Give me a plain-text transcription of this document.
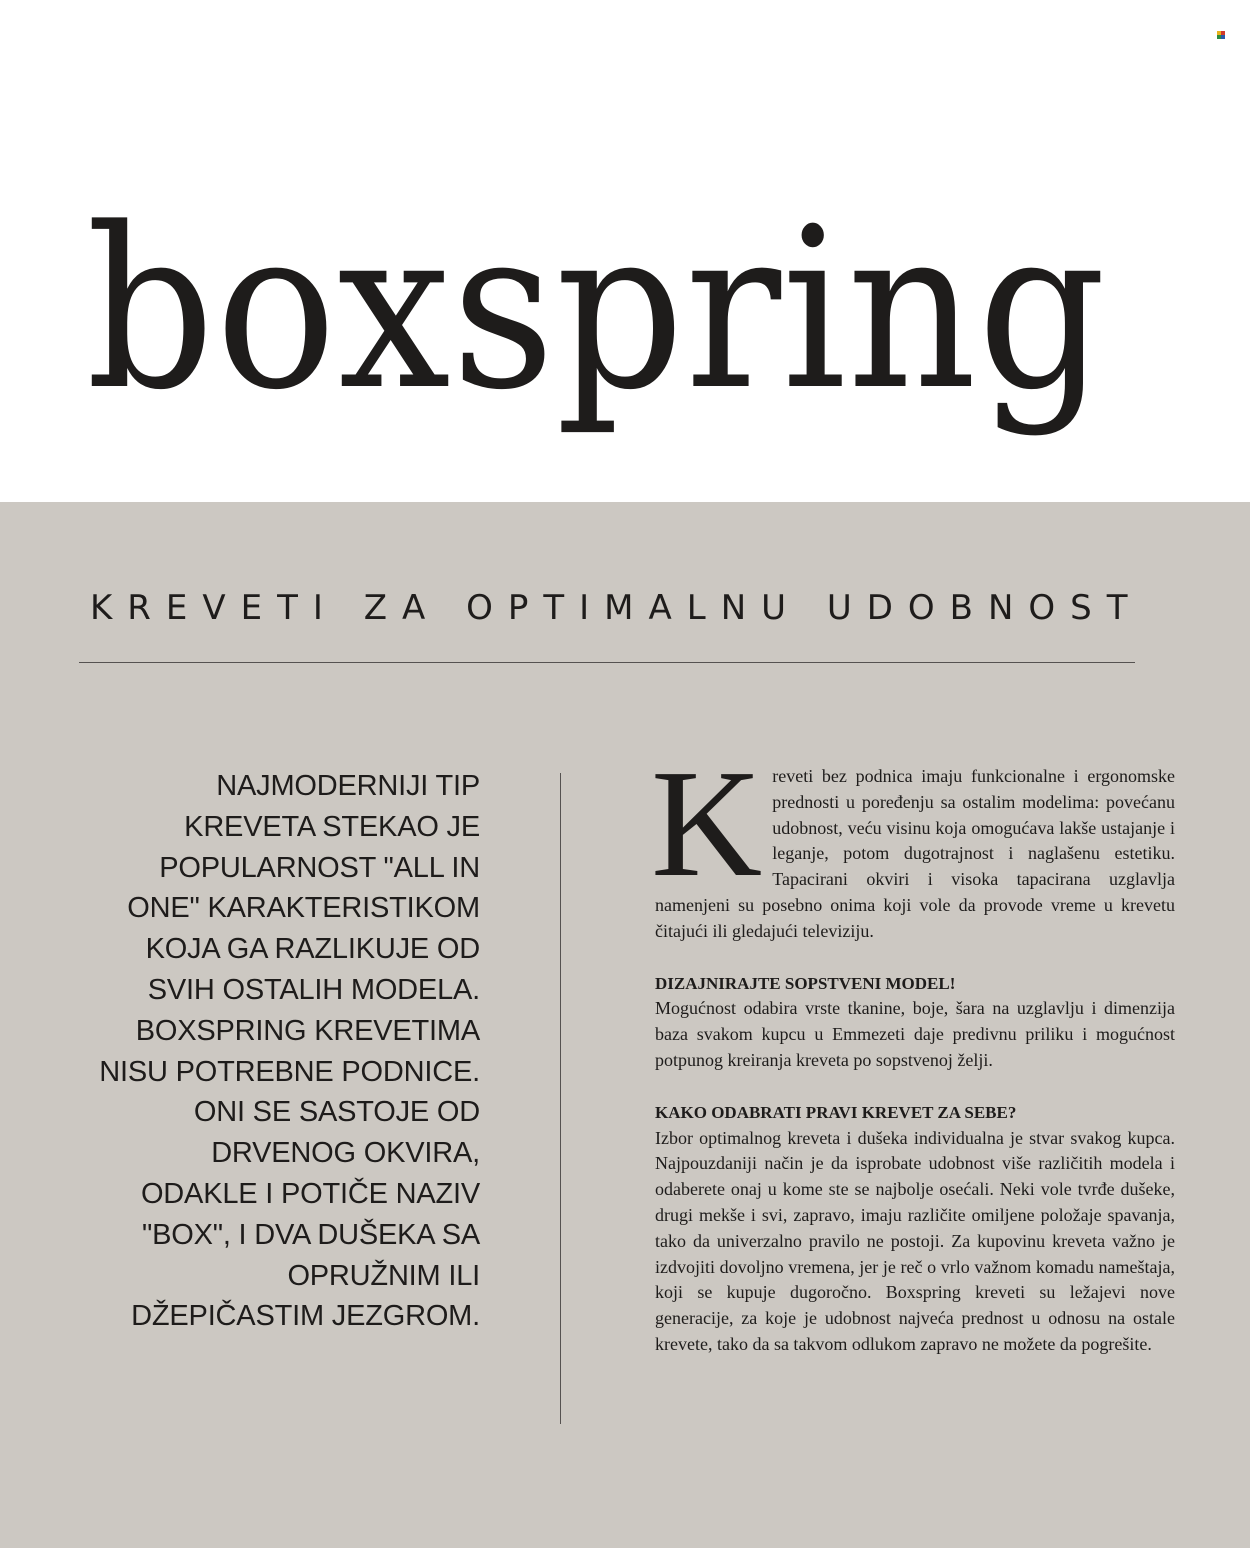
boxspring
KREVETI ZA OPTIMALNU UDOBNOST

NAJMODERNIJI TIP KREVETA STEKAO JE POPULARNOST "ALL IN ONE" KARAKTERISTIKOM KOJA GA RAZLIKUJE OD SVIH OSTALIH MODELA. BOXSPRING KREVETIMA NISU POTREBNE PODNICE. ONI SE SASTOJE OD DRVENOG OKVIRA, ODAKLE I POTIČE NAZIV "BOX", I DVA DUŠEKA SA OPRUŽNIM ILI DŽEPIČASTIM JEZGROM.

Kreveti bez podnica imaju funkcionalne i ergonomske prednosti u poređenju sa ostalim modelima: povećanu udobnost, veću visinu koja omogućava lakše ustajanje i leganje, potom dugotrajnost i naglašenu estetiku. Tapacirani okviri i visoka tapacirana uzglavlja namenjeni su posebno onima koji vole da provode vreme u krevetu čitajući ili gledajući televiziju.

DIZAJNIRAJTE SOPSTVENI MODEL!

Mogućnost odabira vrste tkanine, boje, šara na uzglavlju i dimenzija baza svakom kupcu u Emmezeti daje predivnu priliku i mogućnost potpunog kreiranja kreveta po sopstvenoj želji.

KAKO ODABRATI PRAVI KREVET ZA SEBE?

Izbor optimalnog kreveta i dušeka individualna je stvar svakog kupca. Najpouzdaniji način je da isprobate udobnost više različitih modela i odaberete onaj u kome ste se najbolje osećali. Neki vole tvrđe dušeke, drugi mekše i svi, zapravo, imaju različite omiljene položaje spavanja, tako da univerzalno pravilo ne postoji. Za kupovinu kreveta važno je izdvojiti dovoljno vremena, jer je reč o vrlo važnom komadu nameštaja, koji se kupuje dugoročno. Boxspring kreveti su ležajevi nove generacije, za koje je udobnost najveća prednost u odnosu na ostale krevete, tako da sa takvom odlukom zapravo ne možete da pogrešite.
